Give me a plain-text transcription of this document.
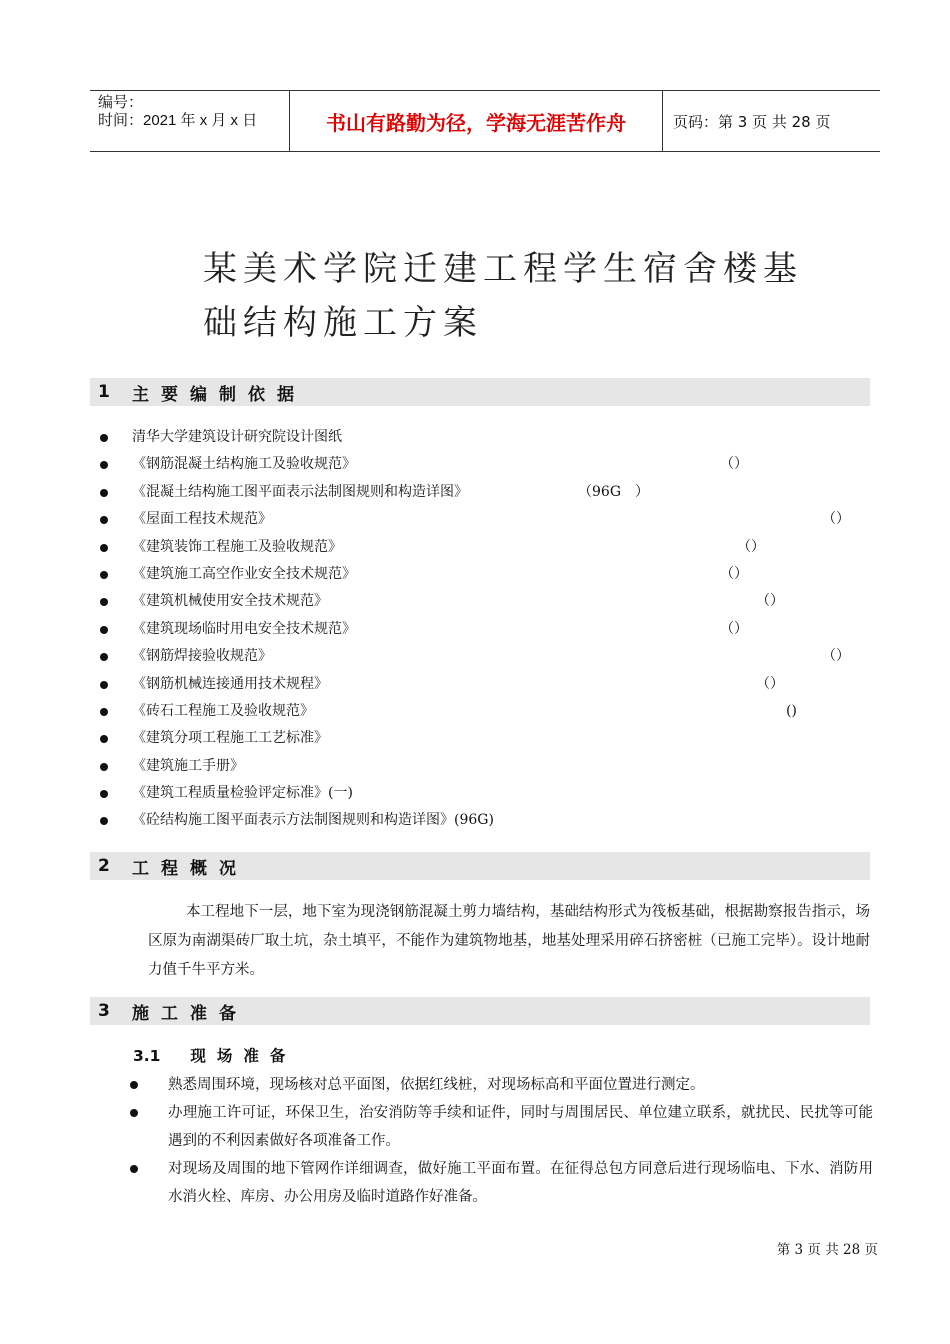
编号：
时间：2021 年 x 月 x 日	书山有路勤为径，学海无涯苦作舟	页码：第 3 页 共 28 页
某美术学院迁建工程学生宿舍楼基
础结构施工方案
1	主要编制依据
清华大学建筑设计研究院设计图纸
《钢筋混凝土结构施工及验收规范》	（）
《混凝土结构施工图平面表示法制图规则和构造详图》	（96G　）
《屋面工程技术规范》	（）
《建筑装饰工程施工及验收规范》	（）
《建筑施工高空作业安全技术规范》	（）
《建筑机械使用安全技术规范》	（）
《建筑现场临时用电安全技术规范》	（）
《钢筋焊接验收规范》	（）
《钢筋机械连接通用技术规程》	（）
《砖石工程施工及验收规范》	()
《建筑分项工程施工工艺标准》
《建筑施工手册》
《建筑工程质量检验评定标准》(一)
《砼结构施工图平面表示方法制图规则和构造详图》(96G)
2	工程概况
本工程地下一层，地下室为现浇钢筋混凝土剪力墙结构，基础结构形式为筏板基础，根据勘察报告指示，场区原为南湖渠砖厂取土坑，杂土填平，不能作为建筑物地基，地基处理采用碎石挤密桩（已施工完毕）。设计地耐力值千牛平方米。
3	施工准备
3.1 现场准备
熟悉周围环境，现场核对总平面图，依据红线桩，对现场标高和平面位置进行测定。
办理施工许可证，环保卫生，治安消防等手续和证件，同时与周围居民、单位建立联系，就扰民、民扰等可能遇到的不利因素做好各项准备工作。
对现场及周围的地下管网作详细调查，做好施工平面布置。在征得总包方同意后进行现场临电、下水、消防用水消火栓、库房、办公用房及临时道路作好准备。
第 3 页 共 28 页
